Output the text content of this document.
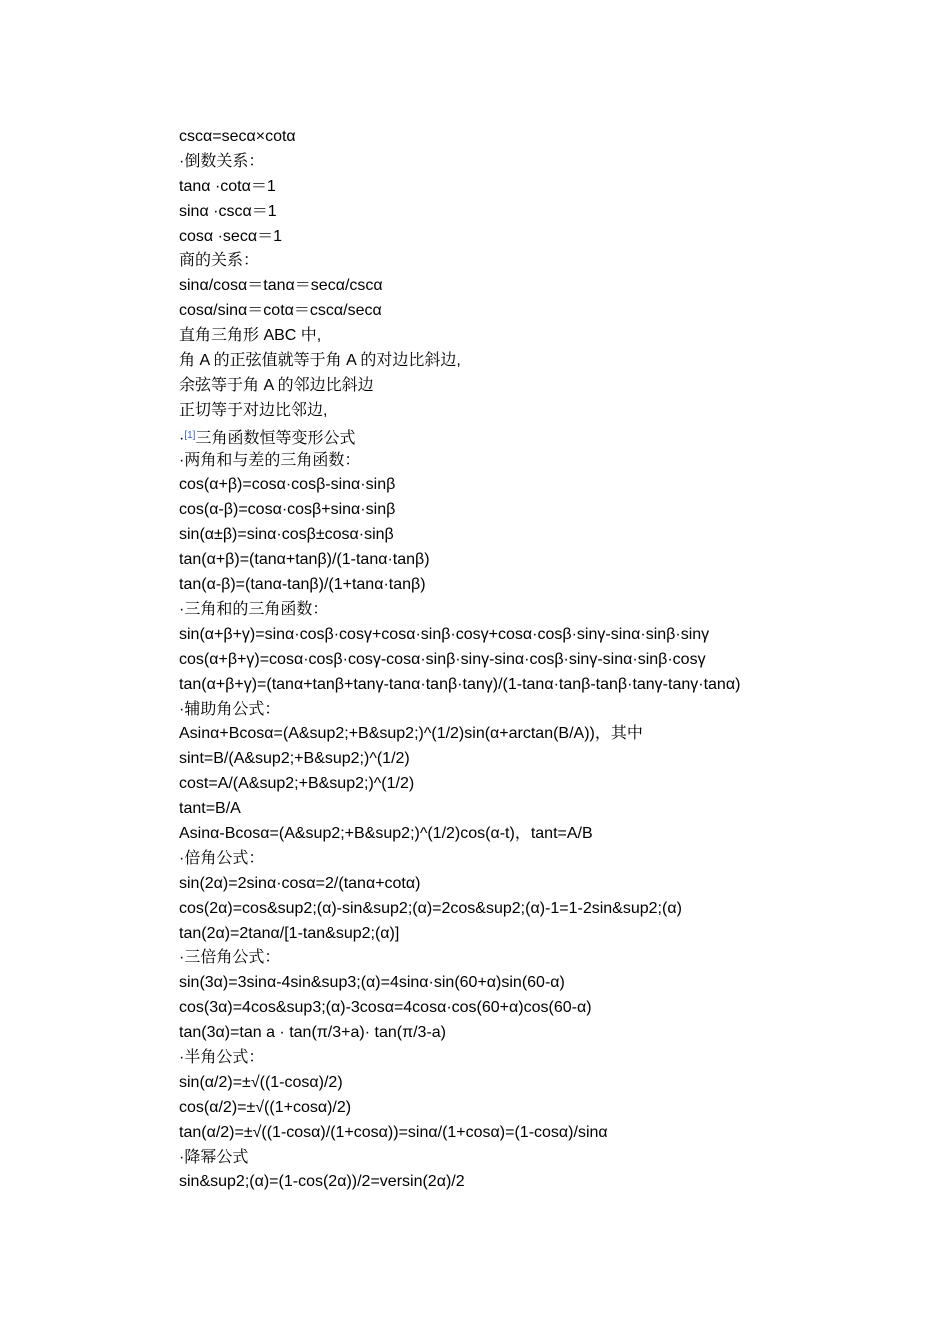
cscα=secα×cotα
·倒数关系：
tanα ·cotα＝1
sinα ·cscα＝1
cosα ·secα＝1
商的关系：
sinα/cosα＝tanα＝secα/cscα
cosα/sinα＝cotα＝cscα/secα
直角三角形 ABC 中,
角 A 的正弦值就等于角 A 的对边比斜边,
余弦等于角 A 的邻边比斜边
正切等于对边比邻边,
·[1]三角函数恒等变形公式
·两角和与差的三角函数：
cos(α+β)=cosα·cosβ-sinα·sinβ
cos(α-β)=cosα·cosβ+sinα·sinβ
sin(α±β)=sinα·cosβ±cosα·sinβ
tan(α+β)=(tanα+tanβ)/(1-tanα·tanβ)
tan(α-β)=(tanα-tanβ)/(1+tanα·tanβ)
·三角和的三角函数：
sin(α+β+γ)=sinα·cosβ·cosγ+cosα·sinβ·cosγ+cosα·cosβ·sinγ-sinα·sinβ·sinγ
cos(α+β+γ)=cosα·cosβ·cosγ-cosα·sinβ·sinγ-sinα·cosβ·sinγ-sinα·sinβ·cosγ
tan(α+β+γ)=(tanα+tanβ+tanγ-tanα·tanβ·tanγ)/(1-tanα·tanβ-tanβ·tanγ-tanγ·tanα)
·辅助角公式：
Asinα+Bcosα=(A&sup2;+B&sup2;)^(1/2)sin(α+arctan(B/A))，其中
sint=B/(A&sup2;+B&sup2;)^(1/2)
cost=A/(A&sup2;+B&sup2;)^(1/2)
tant=B/A
Asinα-Bcosα=(A&sup2;+B&sup2;)^(1/2)cos(α-t)，tant=A/B
·倍角公式：
sin(2α)=2sinα·cosα=2/(tanα+cotα)
cos(2α)=cos&sup2;(α)-sin&sup2;(α)=2cos&sup2;(α)-1=1-2sin&sup2;(α)
tan(2α)=2tanα/[1-tan&sup2;(α)]
·三倍角公式：
sin(3α)=3sinα-4sin&sup3;(α)=4sinα·sin(60+α)sin(60-α)
cos(3α)=4cos&sup3;(α)-3cosα=4cosα·cos(60+α)cos(60-α)
tan(3α)=tan a · tan(π/3+a)· tan(π/3-a)
·半角公式：
sin(α/2)=±√((1-cosα)/2)
cos(α/2)=±√((1+cosα)/2)
tan(α/2)=±√((1-cosα)/(1+cosα))=sinα/(1+cosα)=(1-cosα)/sinα
·降幂公式
sin&sup2;(α)=(1-cos(2α))/2=versin(2α)/2
